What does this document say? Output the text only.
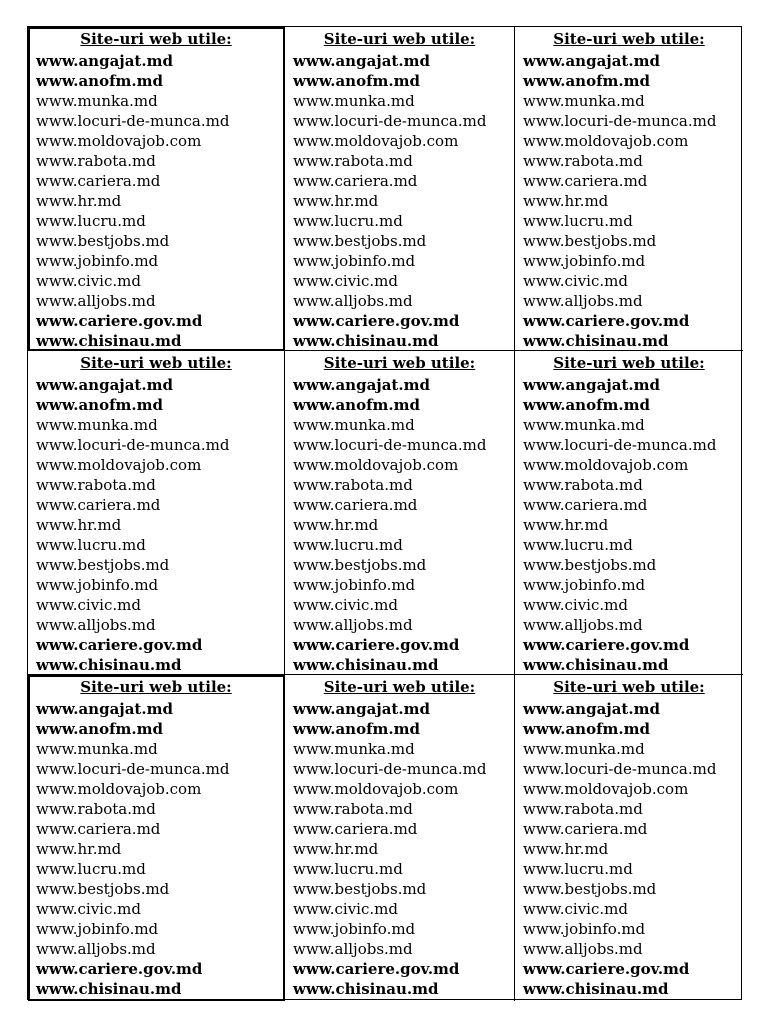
Site-uri web utile:
www.angajat.md
www.anofm.md
www.munka.md
www.locuri-de-munca.md
www.moldovajob.com
www.rabota.md
www.cariera.md
www.hr.md
www.lucru.md
www.bestjobs.md
www.jobinfo.md
www.civic.md
www.alljobs.md
www.cariere.gov.md
www.chisinau.md
Site-uri web utile:
www.angajat.md
www.anofm.md
www.munka.md
www.locuri-de-munca.md
www.moldovajob.com
www.rabota.md
www.cariera.md
www.hr.md
www.lucru.md
www.bestjobs.md
www.jobinfo.md
www.civic.md
www.alljobs.md
www.cariere.gov.md
www.chisinau.md
Site-uri web utile:
www.angajat.md
www.anofm.md
www.munka.md
www.locuri-de-munca.md
www.moldovajob.com
www.rabota.md
www.cariera.md
www.hr.md
www.lucru.md
www.bestjobs.md
www.jobinfo.md
www.civic.md
www.alljobs.md
www.cariere.gov.md
www.chisinau.md
Site-uri web utile:
www.angajat.md
www.anofm.md
www.munka.md
www.locuri-de-munca.md
www.moldovajob.com
www.rabota.md
www.cariera.md
www.hr.md
www.lucru.md
www.bestjobs.md
www.jobinfo.md
www.civic.md
www.alljobs.md
www.cariere.gov.md
www.chisinau.md
Site-uri web utile:
www.angajat.md
www.anofm.md
www.munka.md
www.locuri-de-munca.md
www.moldovajob.com
www.rabota.md
www.cariera.md
www.hr.md
www.lucru.md
www.bestjobs.md
www.jobinfo.md
www.civic.md
www.alljobs.md
www.cariere.gov.md
www.chisinau.md
Site-uri web utile:
www.angajat.md
www.anofm.md
www.munka.md
www.locuri-de-munca.md
www.moldovajob.com
www.rabota.md
www.cariera.md
www.hr.md
www.lucru.md
www.bestjobs.md
www.jobinfo.md
www.civic.md
www.alljobs.md
www.cariere.gov.md
www.chisinau.md
Site-uri web utile:
www.angajat.md
www.anofm.md
www.munka.md
www.locuri-de-munca.md
www.moldovajob.com
www.rabota.md
www.cariera.md
www.hr.md
www.lucru.md
www.bestjobs.md
www.civic.md
www.jobinfo.md
www.alljobs.md
www.cariere.gov.md
www.chisinau.md
Site-uri web utile:
www.angajat.md
www.anofm.md
www.munka.md
www.locuri-de-munca.md
www.moldovajob.com
www.rabota.md
www.cariera.md
www.hr.md
www.lucru.md
www.bestjobs.md
www.civic.md
www.jobinfo.md
www.alljobs.md
www.cariere.gov.md
www.chisinau.md
Site-uri web utile:
www.angajat.md
www.anofm.md
www.munka.md
www.locuri-de-munca.md
www.moldovajob.com
www.rabota.md
www.cariera.md
www.hr.md
www.lucru.md
www.bestjobs.md
www.civic.md
www.jobinfo.md
www.alljobs.md
www.cariere.gov.md
www.chisinau.md
